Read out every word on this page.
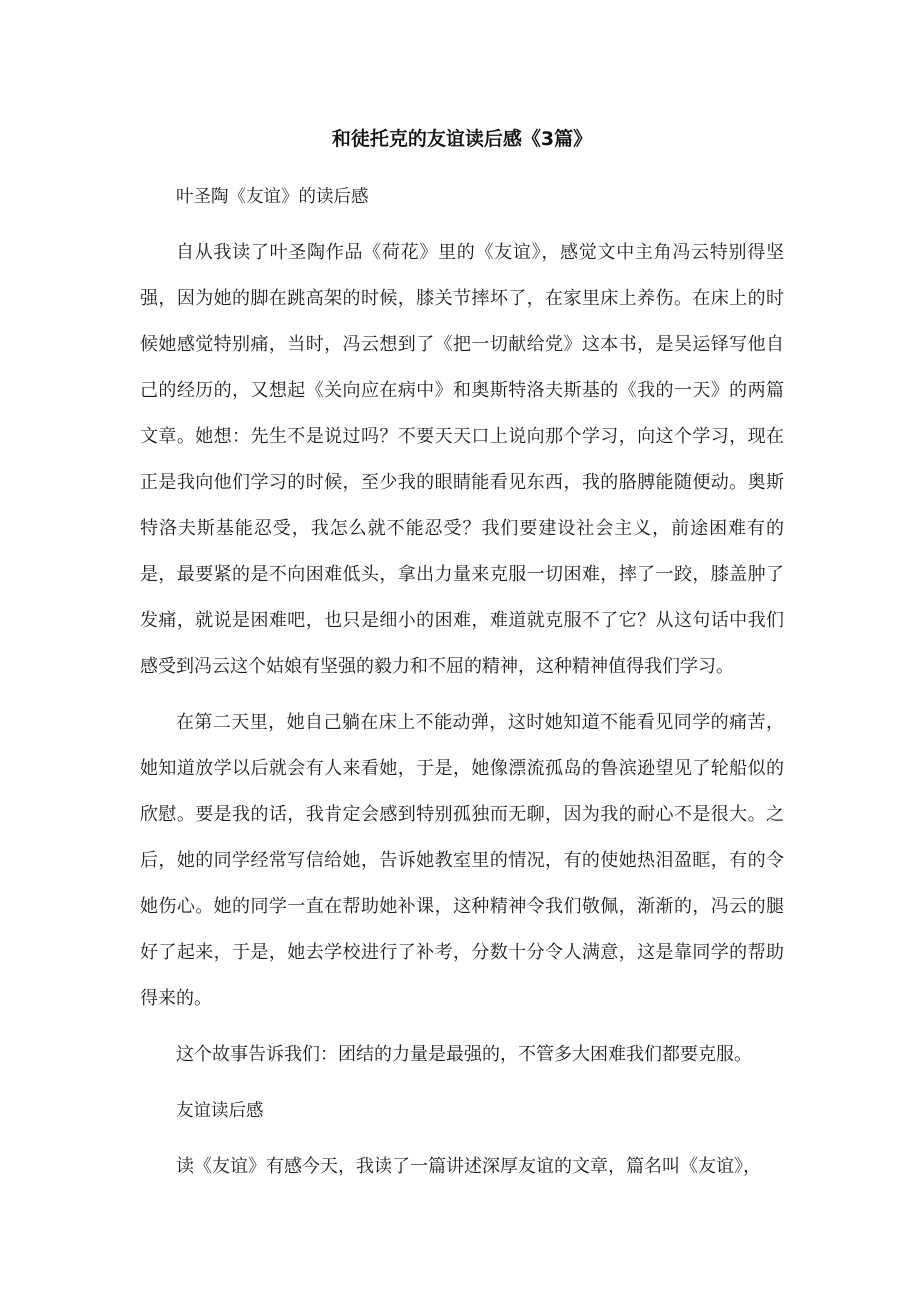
和徒托克的友谊读后感《3篇》

叶圣陶《友谊》的读后感

自从我读了叶圣陶作品《荷花》里的《友谊》，感觉文中主角冯云特别得坚强，因为她的脚在跳高架的时候，膝关节摔坏了，在家里床上养伤。在床上的时候她感觉特别痛，当时，冯云想到了《把一切献给党》这本书，是吴运铎写他自己的经历的，又想起《关向应在病中》和奥斯特洛夫斯基的《我的一天》的两篇文章。她想：先生不是说过吗？不要天天口上说向那个学习，向这个学习，现在正是我向他们学习的时候，至少我的眼睛能看见东西，我的胳膊能随便动。奥斯特洛夫斯基能忍受，我怎么就不能忍受？我们要建设社会主义，前途困难有的是，最要紧的是不向困难低头，拿出力量来克服一切困难，摔了一跤，膝盖肿了发痛，就说是困难吧，也只是细小的困难，难道就克服不了它？从这句话中我们感受到冯云这个姑娘有坚强的毅力和不屈的精神，这种精神值得我们学习。

在第二天里，她自己躺在床上不能动弹，这时她知道不能看见同学的痛苦，她知道放学以后就会有人来看她，于是，她像漂流孤岛的鲁滨逊望见了轮船似的欣慰。要是我的话，我肯定会感到特别孤独而无聊，因为我的耐心不是很大。之后，她的同学经常写信给她，告诉她教室里的情况，有的使她热泪盈眶，有的令她伤心。她的同学一直在帮助她补课，这种精神令我们敬佩，渐渐的，冯云的腿好了起来，于是，她去学校进行了补考，分数十分令人满意，这是靠同学的帮助得来的。

这个故事告诉我们：团结的力量是最强的，不管多大困难我们都要克服。

友谊读后感

读《友谊》有感今天，我读了一篇讲述深厚友谊的文章，篇名叫《友谊》，
